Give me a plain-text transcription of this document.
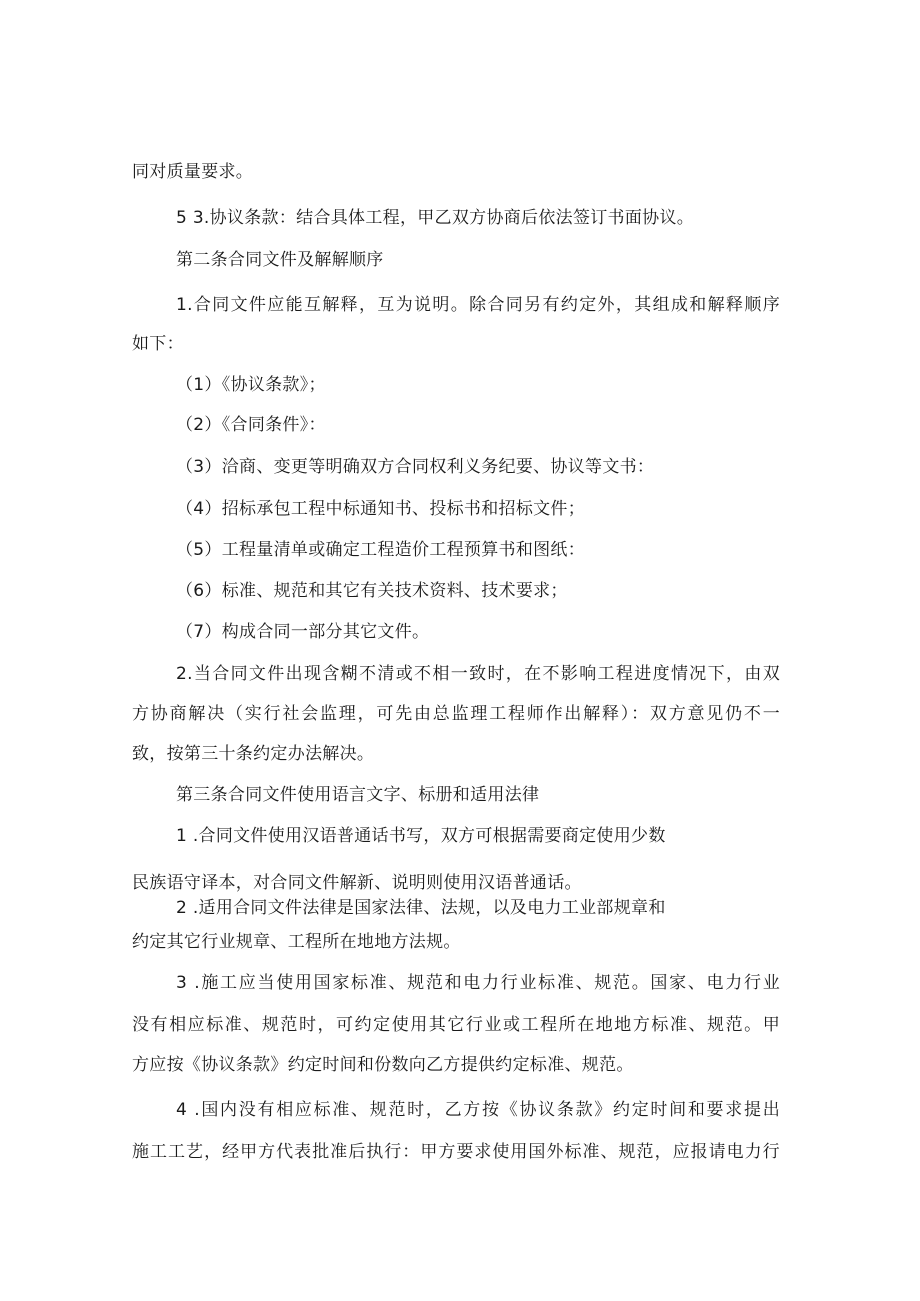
同对质量要求。
5 3.协议条款：结合具体工程，甲乙双方协商后依法签订书面协议。
第二条合同文件及解解顺序
1.合同文件应能互解释，互为说明。除合同另有约定外，其组成和解释顺序
如下：
（1）《协议条款》；
（2）《合同条件》：
（3）洽商、变更等明确双方合同权利义务纪要、协议等文书：
（4）招标承包工程中标通知书、投标书和招标文件；
（5）工程量清单或确定工程造价工程预算书和图纸：
（6）标准、规范和其它有关技术资料、技术要求；
（7）构成合同一部分其它文件。
2.当合同文件出现含糊不清或不相一致时，在不影响工程进度情况下，由双
方协商解决（实行社会监理，可先由总监理工程师作出解释）：双方意见仍不一
致，按第三十条约定办法解决。
第三条合同文件使用语言文字、标册和适用法律
1 .合同文件使用汉语普通话书写，双方可根据需要商定使用少数
民族语守译本，对合同文件解新、说明则使用汉语普通话。
2 .适用合同文件法律是国家法律、法规，以及电力工业部规章和
约定其它行业规章、工程所在地地方法规。
3 .施工应当使用国家标准、规范和电力行业标准、规范。国家、电力行业
没有相应标准、规范时，可约定使用其它行业或工程所在地地方标准、规范。甲
方应按《协议条款》约定时间和份数向乙方提供约定标准、规范。
4 .国内没有相应标准、规范时，乙方按《协议条款》约定时间和要求提出
施工工艺，经甲方代表批准后执行：甲方要求使用国外标准、规范，应报请电力行
